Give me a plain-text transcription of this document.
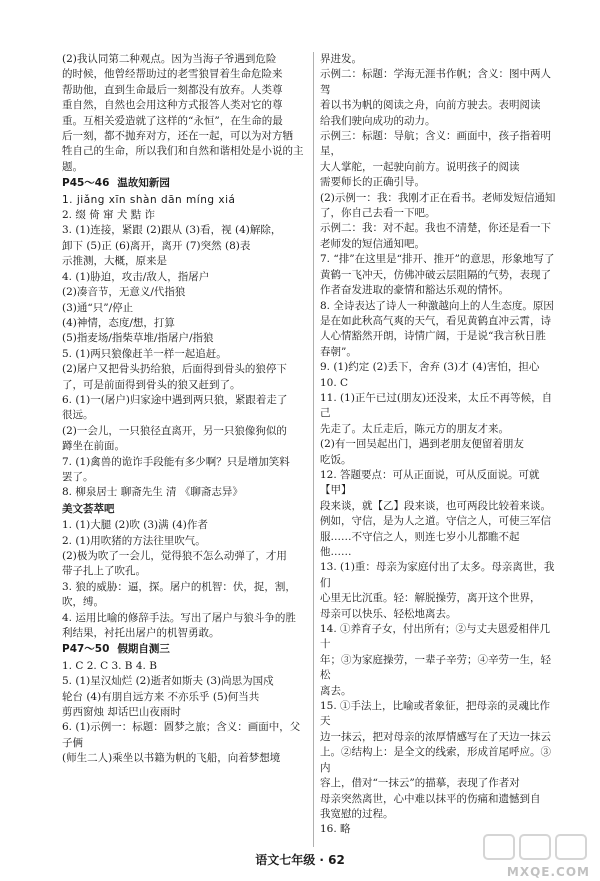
(2)我认同第二种观点。因为当海子爷遇到危险

的时候，他曾经帮助过的老雪狼冒着生命危险来

帮助他，直到生命最后一刻都没有放弃。人类尊

重自然，自然也会用这种方式报答人类对它的尊

重。互相关爱造就了这样的“永恒”，在生命的最

后一刻，都不抛弃对方，还在一起，可以为对方牺

牲自己的生命，所以我们和自然和谐相处是小说的主题。

P45～46 温故知新园

1. jiǎng xīn shàn dān míng xiá

2. 缀 倚 窜 犬 黠 诈

3. (1)连接，紧跟 (2)跟从 (3)看，视 (4)解除，

卸下 (5)正 (6)离开，离开 (7)突然 (8)表

示推测，大概，原来是

4. (1)胁迫，攻击/敌人，指屠户

(2)凑音节，无意义/代指狼

(3)通“只”/停止

(4)神情，态度/想，打算

(5)指麦场/指柴草堆/指屠户/指狼

5. (1)两只狼像赶羊一样一起追赶。

(2)屠户又把骨头扔给狼，后面得到骨头的狼停下

了，可是前面得到骨头的狼又赶到了。

6. (1)一(屠户)归家途中遇到两只狼，紧跟着走了

很远。

(2)一会儿，一只狼径直离开，另一只狼像狗似的

蹲坐在前面。

7. (1)禽兽的诡诈手段能有多少啊？只是增加笑料

罢了。

8. 柳泉居士 聊斋先生 清 《聊斋志异》

美文荟萃吧

1. (1)大腿 (2)吹 (3)满 (4)作者

2. (1)用吹猪的方法往里吹气。

(2)极为吹了一会儿，觉得狼不怎么动弹了，才用

带子扎上了吹孔。

3. 狼的威胁：逼，探。屠户的机智：伏，捉，割，吹，缚。

4. 运用比喻的修辞手法。写出了屠户与狼斗争的胜

利结果，衬托出屠户的机智勇敢。

P47～50 假期自测三

1. C 2. C 3. B 4. B

5. (1)星汉灿烂 (2)逝者如斯夫 (3)尚思为国戍

轮台 (4)有朋自远方来 不亦乐乎 (5)何当共

剪西窗烛 却话巴山夜雨时

6. (1)示例一：标题：圆梦之旅；含义：画面中，父子俩

(师生二人)乘坐以书籍为帆的飞船，向着梦想境

界进发。

示例二：标题：学海无涯书作帆；含义：图中两人驾

着以书为帆的阅读之舟，向前方驶去。表明阅读

给我们驶向成功的动力。

示例三：标题：导航；含义：画面中，孩子指着明星，

大人掌舵，一起驶向前方。说明孩子的阅读

需要师长的正确引导。

(2)示例一：我：我刚才正在看书。老师发短信通知

了，你自己去看一下吧。

示例二：我：对不起。我也不清楚，你还是看一下

老师发的短信通知吧。

7. “排”在这里是“排开、推开”的意思，形象地写了

黄鹤一飞冲天，仿佛冲破云层阻隔的气势，表现了

作者奋发进取的豪情和豁达乐观的情怀。

8. 全诗表达了诗人一种激越向上的人生态度。原因

是在如此秋高气爽的天气，看见黄鹤直冲云霄，诗

人心情豁然开朗，诗情广阔，于是说“我言秋日胜

春朝”。

9. (1)约定 (2)丢下，舍弃 (3)才 (4)害怕，担心

10. C

11. (1)正午已过(朋友)还没来，太丘不再等候，自己

先走了。太丘走后，陈元方的朋友才来。

(2)有一回吴起出门，遇到老朋友便留着朋友

吃饭。

12. 答题要点：可从正面说，可从反面说。可就【甲】

段来谈，就【乙】段来谈，也可两段比较着来谈。

例如，守信，是为人之道。守信之人，可使三军信

服……不守信之人，则连七岁小儿都瞧不起

他……

13. (1)重：母亲为家庭付出了太多。母亲离世，我们

心里无比沉重。轻：解脱操劳，离开这个世界，

母亲可以快乐、轻松地离去。

14. ①养育子女，付出所有；②与丈夫恩爱相伴几十

年；③为家庭操劳，一辈子辛劳；④辛劳一生，轻松

离去。

15. ①手法上，比喻或者象征，把母亲的灵魂比作天

边一抹云，把对母亲的浓厚情感写在了天边一抹云

上。②结构上：是全文的线索，形成首尾呼应。③内

容上，借对“一抹云”的描摹，表现了作者对

母亲突然离世，心中难以抹平的伤痛和遗憾到自

我宽慰的过程。

16. 略

语文七年级 · 62
MXQE.COM
